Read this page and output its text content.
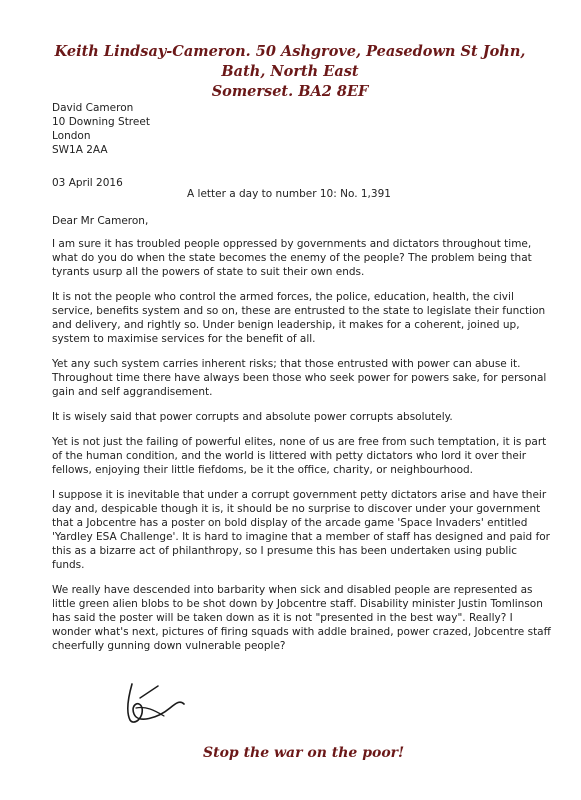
Keith Lindsay-Cameron. 50 Ashgrove, Peasedown St John, Bath, North East
Somerset. BA2 8EF
David Cameron
10 Downing Street
London
SW1A 2AA
03 April 2016
A letter a day to number 10: No. 1,391
Dear Mr Cameron,

I am sure it has troubled people oppressed by governments and dictators throughout time, what do you do when the state becomes the enemy of the people? The problem being that tyrants usurp all the powers of state to suit their own ends.

It is not the people who control the armed forces, the police, education, health, the civil service, benefits system and so on, these are entrusted to the state to legislate their function and delivery, and rightly so. Under benign leadership, it makes for a coherent, joined up, system to maximise services for the benefit of all.

Yet any such system carries inherent risks; that those entrusted with power can abuse it. Throughout time there have always been those who seek power for powers sake, for personal gain and self aggrandisement.

It is wisely said that power corrupts and absolute power corrupts absolutely.

Yet is not just the failing of powerful elites, none of us are free from such temptation, it is part of the human condition, and the world is littered with petty dictators who lord it over their fellows, enjoying their little fiefdoms, be it the office, charity, or neighbourhood.

I suppose it is inevitable that under a corrupt government petty dictators arise and have their day and, despicable though it is, it should be no surprise to discover under your government that a Jobcentre has a poster on bold display of the arcade game 'Space Invaders' entitled 'Yardley ESA Challenge'. It is hard to imagine that a member of staff has designed and paid for this as a bizarre act of philanthropy, so I presume this has been undertaken using public funds.

We really have descended into barbarity when sick and disabled people are represented as little green alien blobs to be shot down by Jobcentre staff. Disability minister Justin Tomlinson has said the poster will be taken down as it is not "presented in the best way". Really? I wonder what's next, pictures of firing squads with addle brained, power crazed, Jobcentre staff cheerfully gunning down vulnerable people?

Stop the war on the poor!
